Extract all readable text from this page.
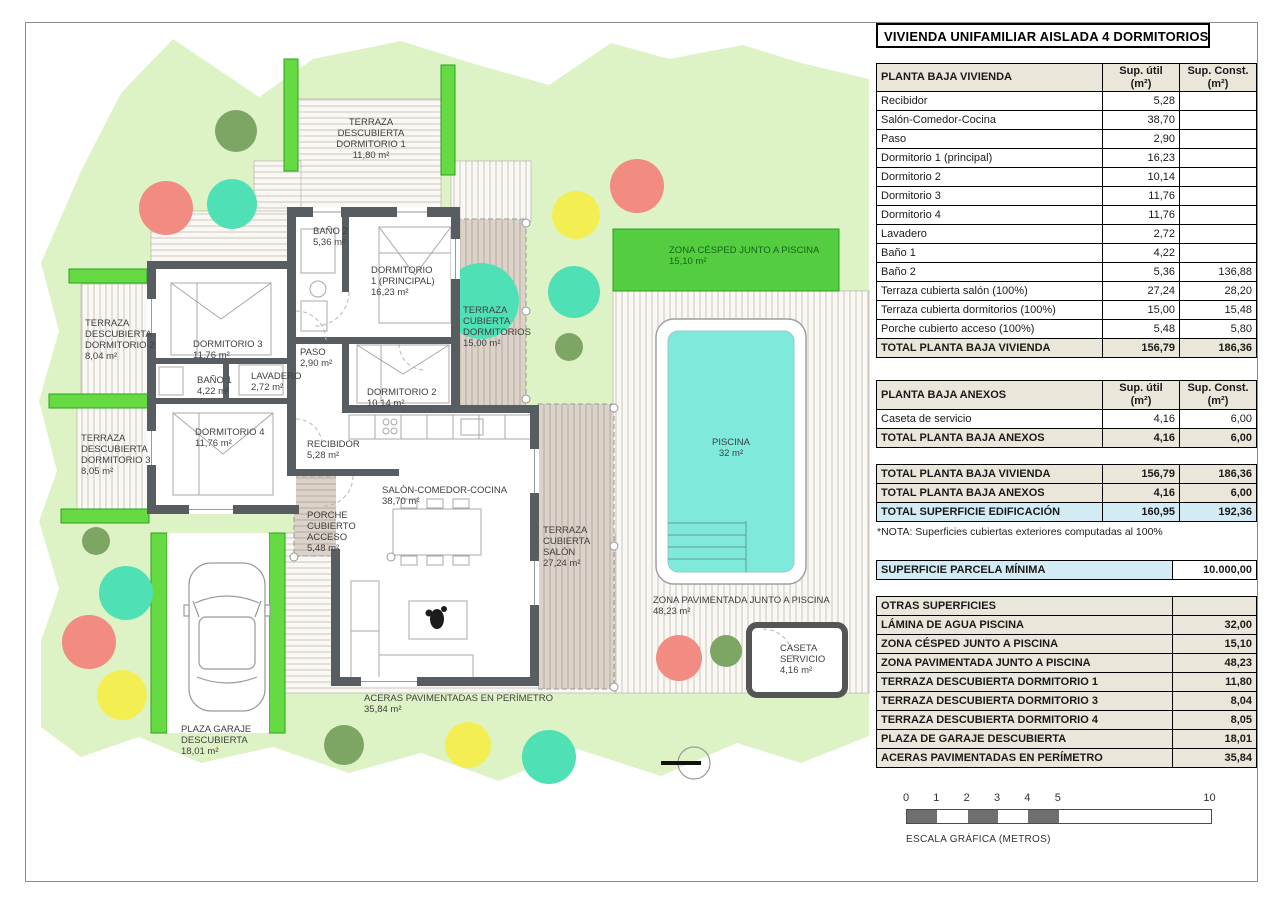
TERRAZA DESCUBIERTA DORMITORIO 1 11,80 m²
BAÑO 2 5,36 m²
DORMITORIO 1 (PRINCIPAL) 16,23 m²
TERRAZA CUBIERTA DORMITORIOS 15,00 m²
ZONA CÉSPED JUNTO A PISCINA 15,10 m²
TERRAZA DESCUBIERTA DORMITORIO 2 8,04 m²
DORMITORIO 3 11,76 m²	PASO 2,90 m²
BAÑO 1 4,22 m²
LAVADERO 2,72 m²	DORMITORIO 2 10,14 m²
TERRAZA DESCUBIERTA DORMITORIO 3 8,05 m²
DORMITORIO 4 11,76 m²	RECIBIDOR 5,28 m²
PISCINA 32 m²
PORCHE CUBIERTO ACCESO 5,48 m²
SALÓN-COMEDOR-COCINA 38,70 m²
TERRAZA CUBIERTA SALÓN 27,24 m²
ZONA PAVIMENTADA JUNTO A PISCINA 48,23 m²
CASETA SERVICIO 4,16 m²
PLAZA GARAJE DESCUBIERTA 18,01 m²
ACERAS PAVIMENTADAS EN PERÍMETRO 35,84 m²
VIVIENDA UNIFAMILIAR AISLADA 4 DORMITORIOS
PLANTA BAJA VIVIENDA	Sup. útil
(m²)	Sup. Const.
(m²)
Recibidor	5,28	
Salón-Comedor-Cocina	38,70	
Paso	2,90	
Dormitorio 1 (principal)	16,23	
Dormitorio 2	10,14	
Dormitorio 3	11,76	
Dormitorio 4	11,76	
Lavadero	2,72	
Baño 1	4,22	
Baño 2	5,36	136,88
Terraza cubierta salón (100%)	27,24	28,20
Terraza cubierta dormitorios (100%)	15,00	15,48
Porche cubierto acceso (100%)	5,48	5,80
TOTAL PLANTA BAJA VIVIENDA	156,79	186,36
PLANTA BAJA ANEXOS	Sup. útil
(m²)	Sup. Const.
(m²)
Caseta de servicio	4,16	6,00
TOTAL PLANTA BAJA ANEXOS	4,16	6,00
TOTAL PLANTA BAJA VIVIENDA	156,79	186,36
TOTAL PLANTA BAJA ANEXOS	4,16	6,00
TOTAL SUPERFICIE EDIFICACIÓN	160,95	192,36
*NOTA: Superficies cubiertas exteriores computadas al 100%
SUPERFICIE PARCELA MÍNIMA	10.000,00
OTRAS SUPERFICIES	
LÁMINA DE AGUA PISCINA	32,00
ZONA CÉSPED JUNTO A PISCINA	15,10
ZONA PAVIMENTADA JUNTO A PISCINA	48,23
TERRAZA DESCUBIERTA DORMITORIO 1	11,80
TERRAZA DESCUBIERTA DORMITORIO 3	8,04
TERRAZA DESCUBIERTA DORMITORIO 4	8,05
PLAZA DE GARAJE DESCUBIERTA	18,01
ACERAS PAVIMENTADAS EN PERÍMETRO	35,84
ESCALA GRÁFICA (METROS)
0 1 2 3 4 5	10
